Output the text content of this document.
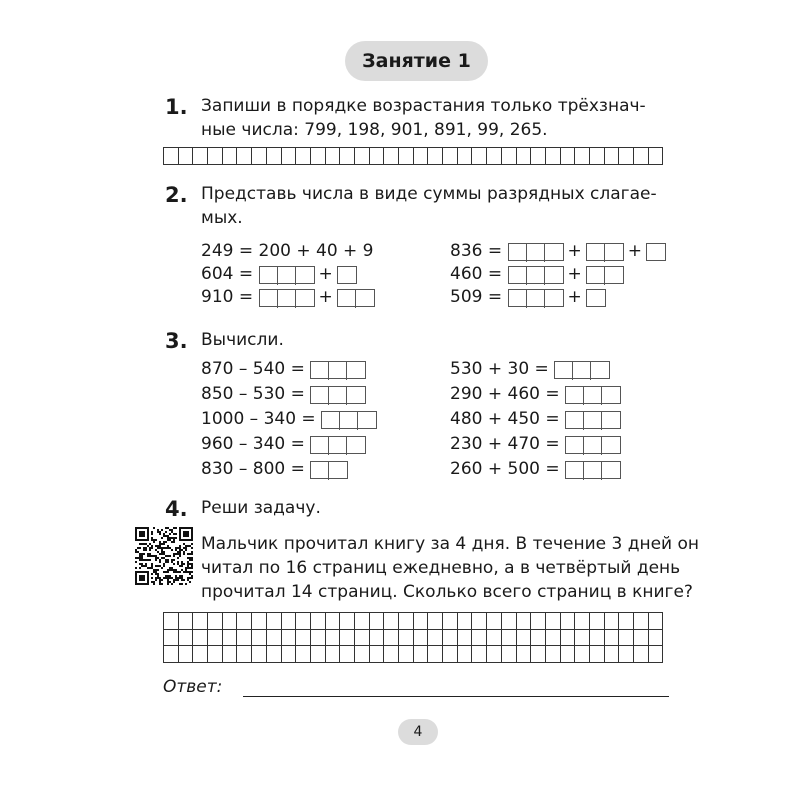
Занятие 1
1. Запиши в порядке возрастания только трёхзнач-
ные числа: 799, 198, 901, 891, 99, 265.

2. Представь числа в виде суммы разрядных слагае-
мых.
249 = 200 + 40 + 9
604 =
	+
910 =
	+
836 =
	+	+
460 =
	+
509 =
	+
3. Вычисли.
870 – 540 =

850 – 530 =

1000 – 340 =

960 – 340 =

830 – 800 =

530 + 30 =

290 + 460 =

480 + 450 =

230 + 470 =

260 + 500 =

4. Реши задачу.
Мальчик прочитал книгу за 4 дня. В течение 3 дней он
читал по 16 страниц ежедневно, а в четвёртый день
прочитал 14 страниц. Сколько всего страниц в книге?

Ответ:
4
